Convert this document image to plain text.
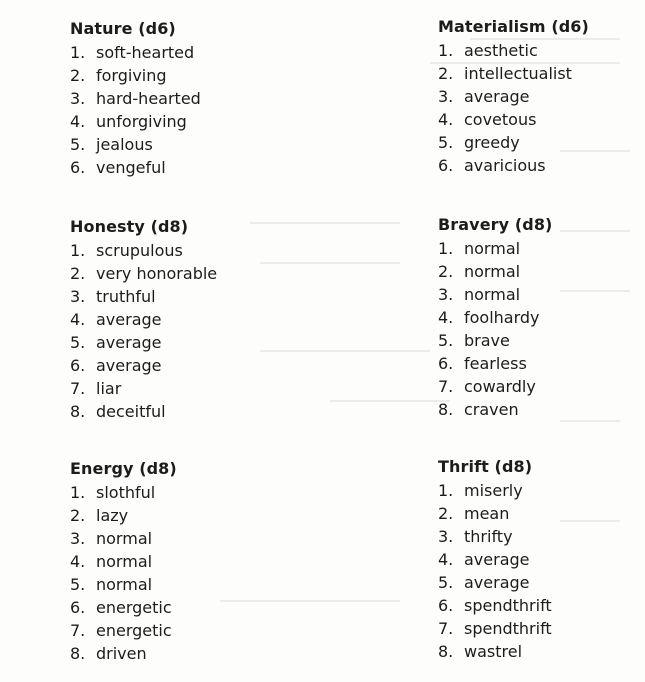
Nature (d6)
1. soft-hearted
2. forgiving
3. hard-hearted
4. unforgiving
5. jealous
6. vengeful
Materialism (d6)
1. aesthetic
2. intellectualist
3. average
4. covetous
5. greedy
6. avaricious
Honesty (d8)
1. scrupulous
2. very honorable
3. truthful
4. average
5. average
6. average
7. liar
8. deceitful
Bravery (d8)
1. normal
2. normal
3. normal
4. foolhardy
5. brave
6. fearless
7. cowardly
8. craven
Energy (d8)
1. slothful
2. lazy
3. normal
4. normal
5. normal
6. energetic
7. energetic
8. driven
Thrift (d8)
1. miserly
2. mean
3. thrifty
4. average
5. average
6. spendthrift
7. spendthrift
8. wastrel
